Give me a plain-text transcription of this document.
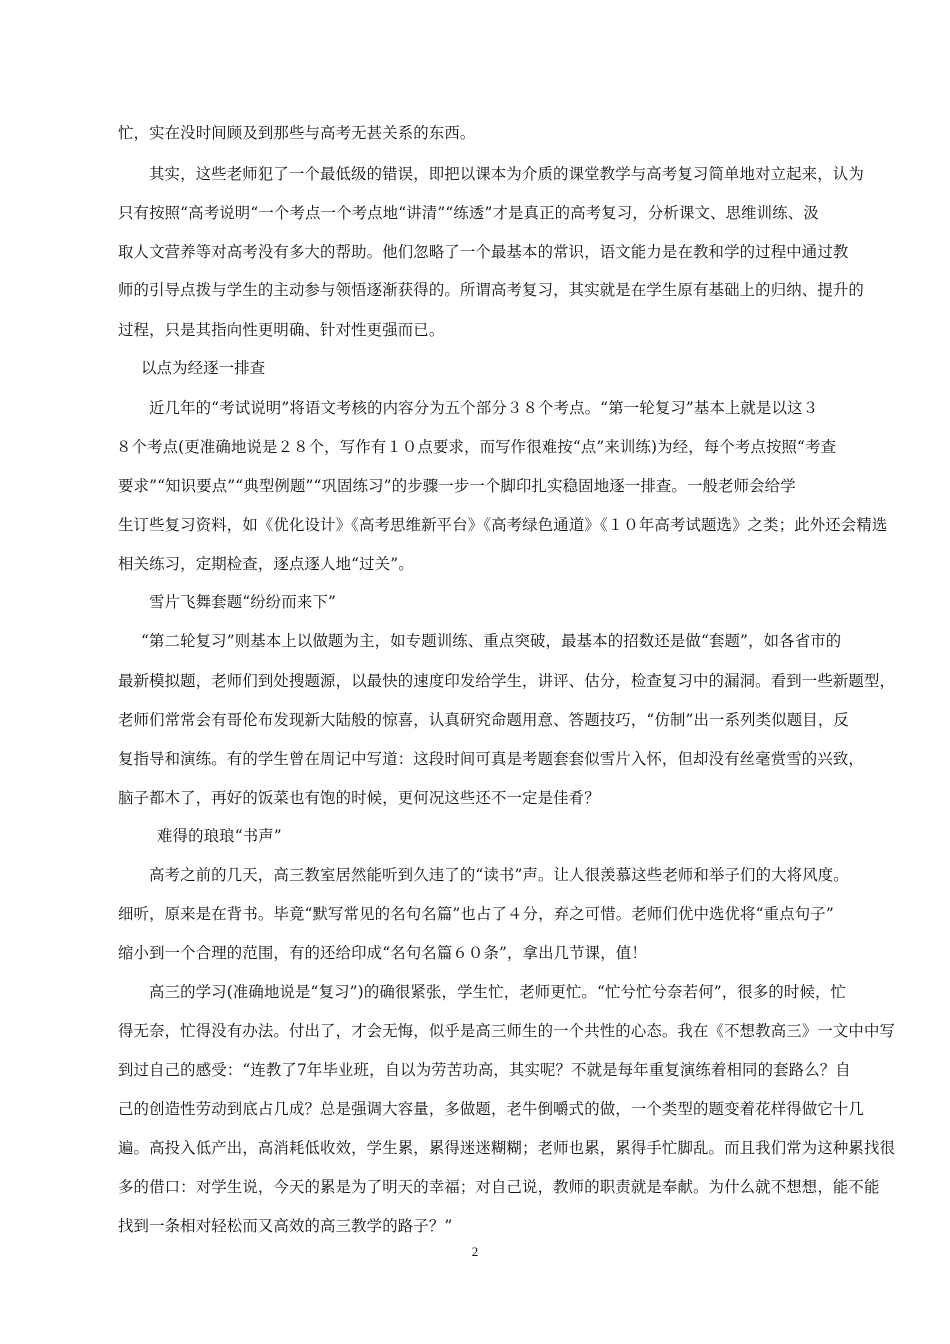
忙，实在没时间顾及到那些与高考无甚关系的东西。
其实，这些老师犯了一个最低级的错误，即把以课本为介质的课堂教学与高考复习简单地对立起来，认为
只有按照“高考说明“一个考点一个考点地“讲清”“练透”才是真正的高考复习，分析课文、思维训练、汲
取人文营养等对高考没有多大的帮助。他们忽略了一个最基本的常识，语文能力是在教和学的过程中通过教
师的引导点拨与学生的主动参与领悟逐渐获得的。所谓高考复习，其实就是在学生原有基础上的归纳、提升的
过程，只是其指向性更明确、针对性更强而已。
以点为经逐一排查
近几年的“考试说明”将语文考核的内容分为五个部分３８个考点。“第一轮复习”基本上就是以这３
８个考点(更准确地说是２８个，写作有１０点要求，而写作很难按“点”来训练)为经，每个考点按照“考查
要求”“知识要点”“典型例题”“巩固练习”的步骤一步一个脚印扎实稳固地逐一排查。一般老师会给学
生订些复习资料，如《优化设计》《高考思维新平台》《高考绿色通道》《１０年高考试题选》之类；此外还会精选
相关练习，定期检查，逐点逐人地“过关”。
雪片飞舞套题“纷纷而来下”
“第二轮复习”则基本上以做题为主，如专题训练、重点突破，最基本的招数还是做“套题”，如各省市的
最新模拟题，老师们到处搜题源，以最快的速度印发给学生，讲评、估分，检查复习中的漏洞。看到一些新题型，
老师们常常会有哥伦布发现新大陆般的惊喜，认真研究命题用意、答题技巧，“仿制”出一系列类似题目，反
复指导和演练。有的学生曾在周记中写道：这段时间可真是考题套套似雪片入怀，但却没有丝毫赏雪的兴致，
脑子都木了，再好的饭菜也有饱的时候，更何况这些还不一定是佳肴？
难得的琅琅“书声”
高考之前的几天，高三教室居然能听到久违了的“读书”声。让人很羡慕这些老师和举子们的大将风度。
细听，原来是在背书。毕竟“默写常见的名句名篇”也占了４分，弃之可惜。老师们优中选优将“重点句子”
缩小到一个合理的范围，有的还给印成“名句名篇６０条”，拿出几节课，值！
高三的学习(准确地说是“复习”)的确很紧张，学生忙，老师更忙。“忙兮忙兮奈若何”，很多的时候，忙
得无奈，忙得没有办法。付出了，才会无悔，似乎是高三师生的一个共性的心态。我在《不想教高三》一文中中写
到过自己的感受：“连教了7年毕业班，自以为劳苦功高，其实呢？不就是每年重复演练着相同的套路么？自
己的创造性劳动到底占几成？总是强调大容量，多做题，老牛倒嚼式的做，一个类型的题变着花样得做它十几
遍。高投入低产出，高消耗低收效，学生累，累得迷迷糊糊；老师也累，累得手忙脚乱。而且我们常为这种累找很
多的借口：对学生说，今天的累是为了明天的幸福；对自己说，教师的职责就是奉献。为什么就不想想，能不能
找到一条相对轻松而又高效的高三教学的路子？”
2
